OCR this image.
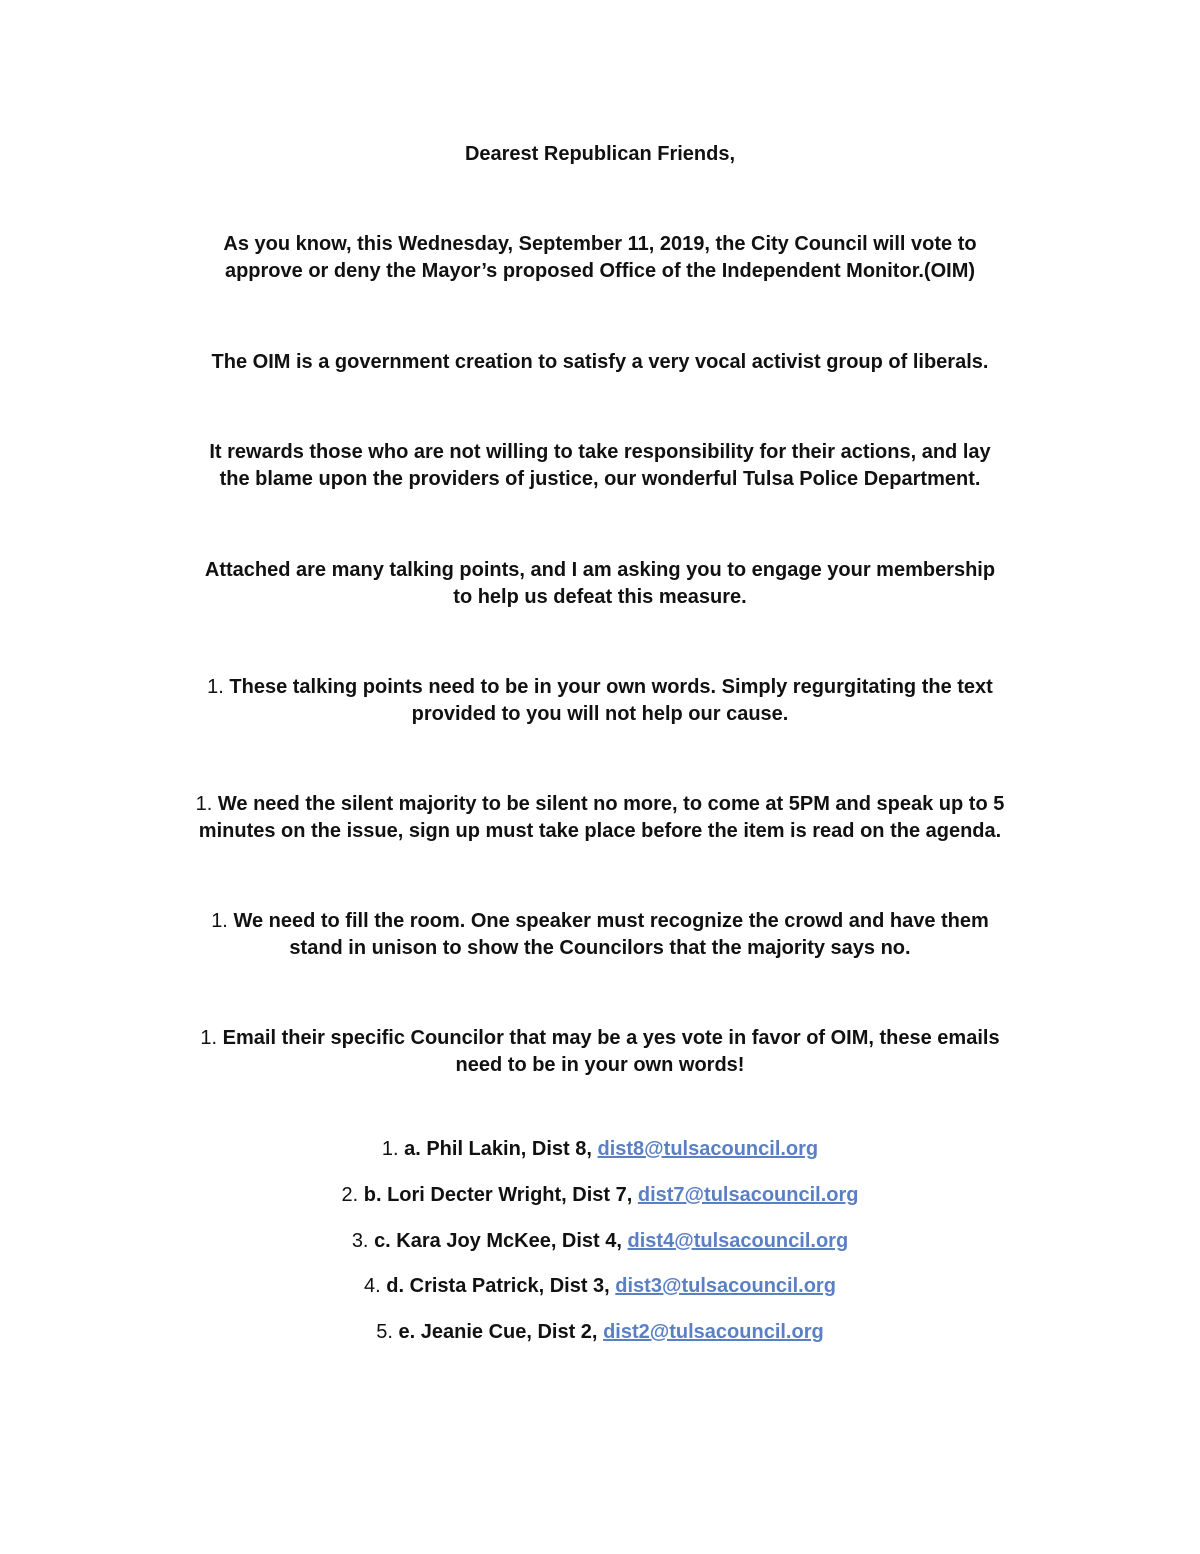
Dearest Republican Friends,
As you know, this Wednesday, September 11, 2019, the City Council will vote to
approve or deny the Mayor’s proposed Office of the Independent Monitor.(OIM)
The OIM is a government creation to satisfy a very vocal activist group of liberals.
It rewards those who are not willing to take responsibility for their actions, and lay
the blame upon the providers of justice, our wonderful Tulsa Police Department.
Attached are many talking points, and I am asking you to engage your membership
to help us defeat this measure.
1. These talking points need to be in your own words. Simply regurgitating the text
provided to you will not help our cause.
1. We need the silent majority to be silent no more, to come at 5PM and speak up to 5
minutes on the issue, sign up must take place before the item is read on the agenda.
1. We need to fill the room. One speaker must recognize the crowd and have them
stand in unison to show the Councilors that the majority says no.
1. Email their specific Councilor that may be a yes vote in favor of OIM, these emails
need to be in your own words!
1. a. Phil Lakin, Dist 8, dist8@tulsacouncil.org
2. b. Lori Decter Wright, Dist 7, dist7@tulsacouncil.org
3. c. Kara Joy McKee, Dist 4, dist4@tulsacouncil.org
4. d. Crista Patrick, Dist 3, dist3@tulsacouncil.org
5. e. Jeanie Cue, Dist 2, dist2@tulsacouncil.org
